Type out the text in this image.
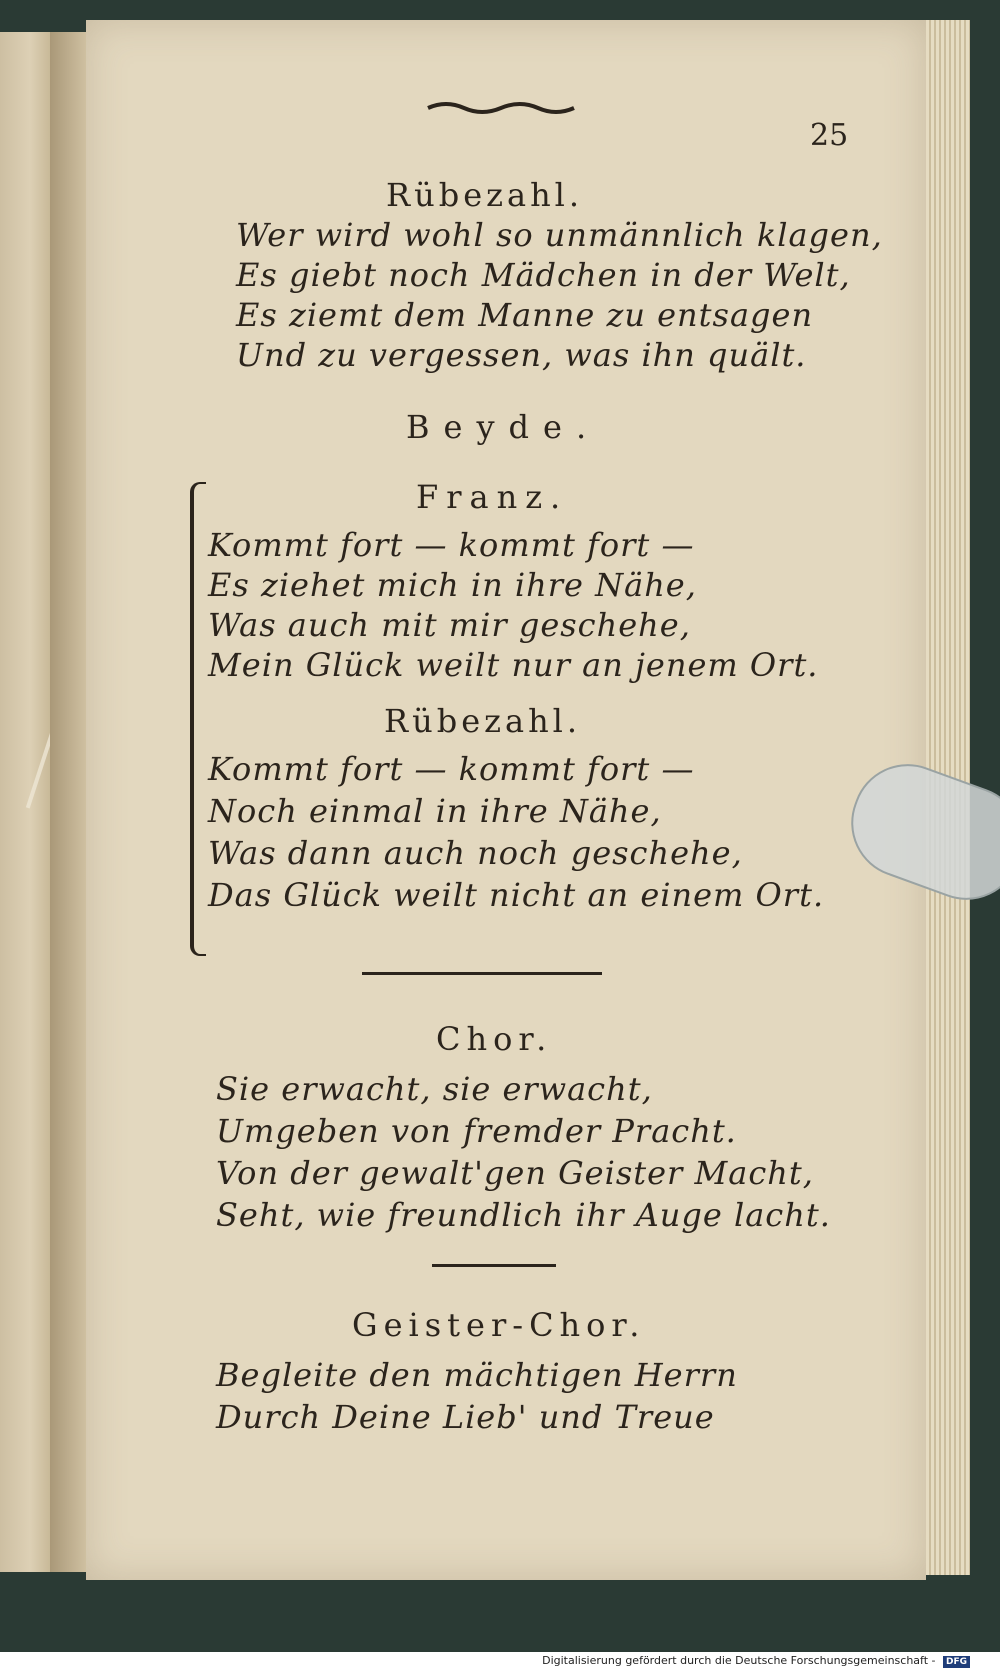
25
Rübezahl.
Wer wird wohl so unmännlich klagen,
Es giebt noch Mädchen in der Welt,
Es ziemt dem Manne zu entsagen
Und zu vergessen, was ihn quält.
Beyde.
Franz.
Kommt fort — kommt fort —
Es ziehet mich in ihre Nähe,
Was auch mit mir geschehe,
Mein Glück weilt nur an jenem Ort.
Rübezahl.
Kommt fort — kommt fort —
Noch einmal in ihre Nähe,
Was dann auch noch geschehe,
Das Glück weilt nicht an einem Ort.
Chor.
Sie erwacht, sie erwacht,
Umgeben von fremder Pracht.
Von der gewalt'gen Geister Macht,
Seht, wie freundlich ihr Auge lacht.
Geister-Chor.
Begleite den mächtigen Herrn
Durch Deine Lieb' und Treue
Digitalisierung gefördert durch die Deutsche Forschungsgemeinschaft - DFG
